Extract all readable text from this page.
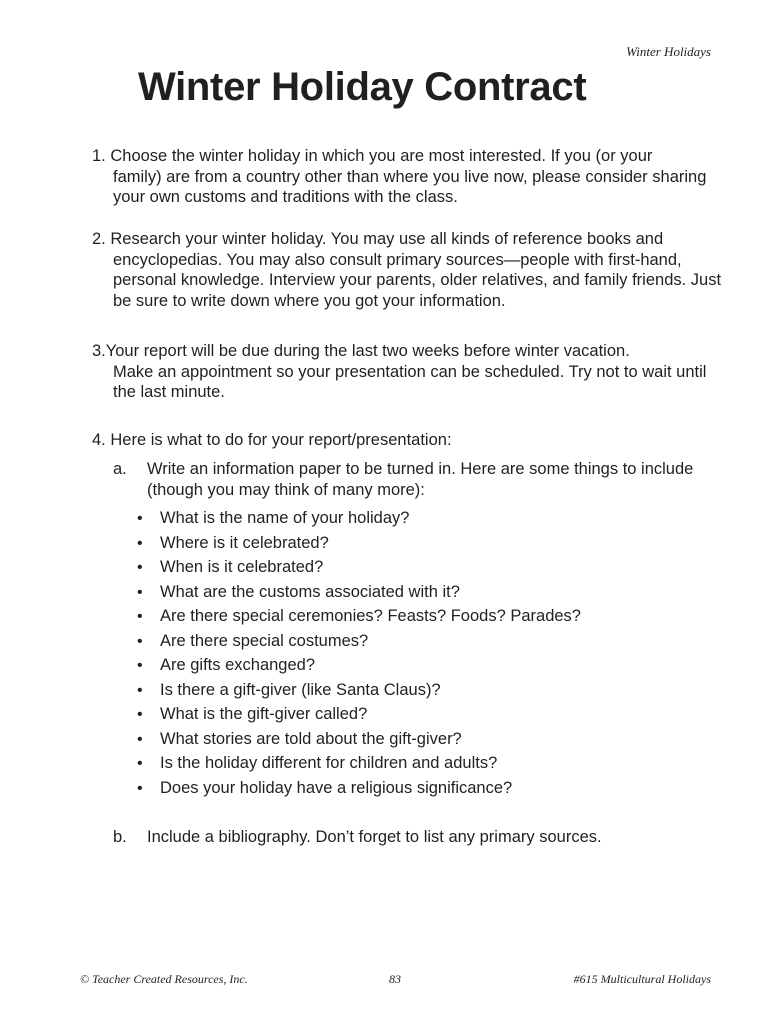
Winter Holidays
Winter Holiday Contract
1. Choose the winter holiday in which you are most interested. If you (or your
family) are from a country other than where you live now, please consider sharing your own customs and traditions with the class.
2. Research your winter holiday. You may use all kinds of reference books and
encyclopedias. You may also consult primary sources—people with first-hand, personal knowledge. Interview your parents, older relatives, and family friends. Just be sure to write down where you got your information.
3.Your report will be due during the last two weeks before winter vacation.
Make an appointment so your presentation can be scheduled. Try not to wait until the last minute.
4. Here is what to do for your report/presentation:
a.	Write an information paper to be turned in. Here are some things to include (though you may think of many more):
• What is the name of your holiday?
• Where is it celebrated?
• When is it celebrated?
• What are the customs associated with it?
• Are there special ceremonies? Feasts? Foods? Parades?
• Are there special costumes?
• Are gifts exchanged?
• Is there a gift-giver (like Santa Claus)?
• What is the gift-giver called?
• What stories are told about the gift-giver?
• Is the holiday different for children and adults?
• Does your holiday have a religious significance?
b.	Include a bibliography. Don’t forget to list any primary sources.
© Teacher Created Resources, Inc.	83	#615 Multicultural Holidays
